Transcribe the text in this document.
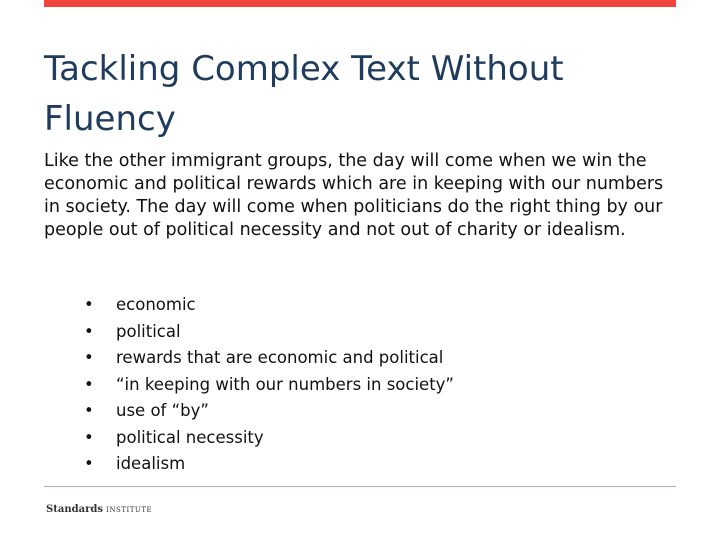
Tackling Complex Text Without Fluency

Like the other immigrant groups, the day will come when we win the economic and political rewards which are in keeping with our numbers in society. The day will come when politicians do the right thing by our people out of political necessity and not out of charity or idealism.

• economic
• political
• rewards that are economic and political
• “in keeping with our numbers in society”
• use of “by”
• political necessity
• idealism
Standards INSTITUTE
